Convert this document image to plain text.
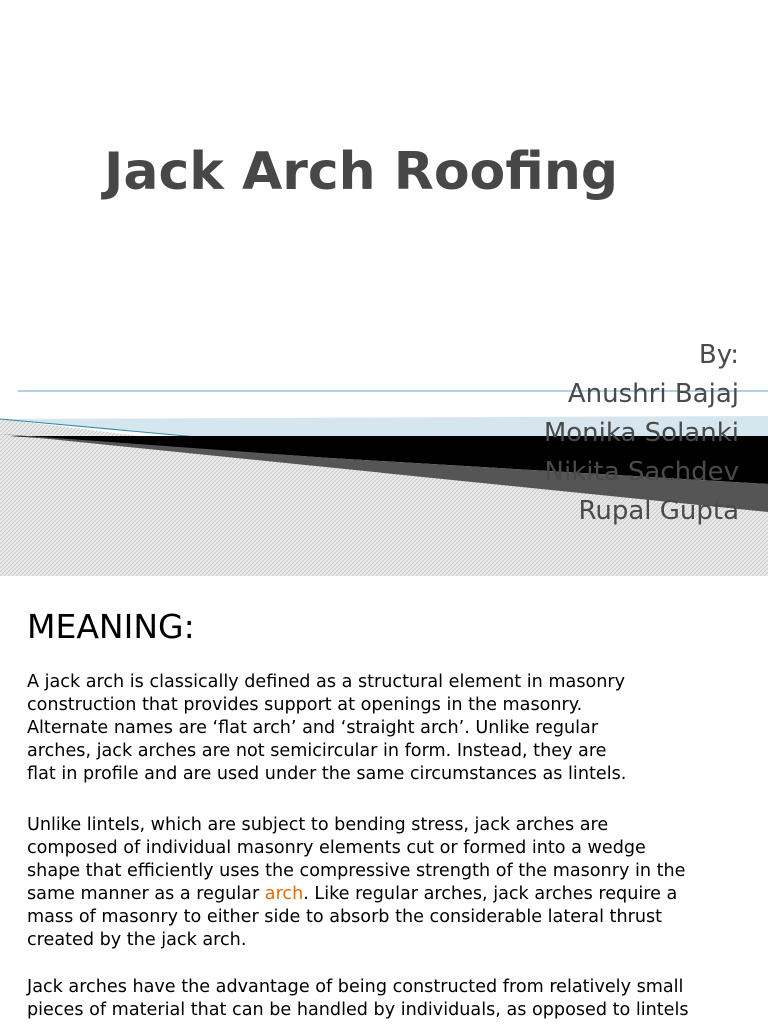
Jack Arch Roofing
By:
Anushri Bajaj
Monika Solanki
Nikita Sachdev
Rupal Gupta
MEANING:

A jack arch is classically defined as a structural element in masonry
construction that provides support at openings in the masonry.
Alternate names are ‘flat arch’ and ‘straight arch’. Unlike regular
arches, jack arches are not semicircular in form. Instead, they are
flat in profile and are used under the same circumstances as lintels.

Unlike lintels, which are subject to bending stress, jack arches are
composed of individual masonry elements cut or formed into a wedge
shape that efficiently uses the compressive strength of the masonry in the
same manner as a regular arch. Like regular arches, jack arches require a
mass of masonry to either side to absorb the considerable lateral thrust
created by the jack arch.

Jack arches have the advantage of being constructed from relatively small
pieces of material that can be handled by individuals, as opposed to lintels
